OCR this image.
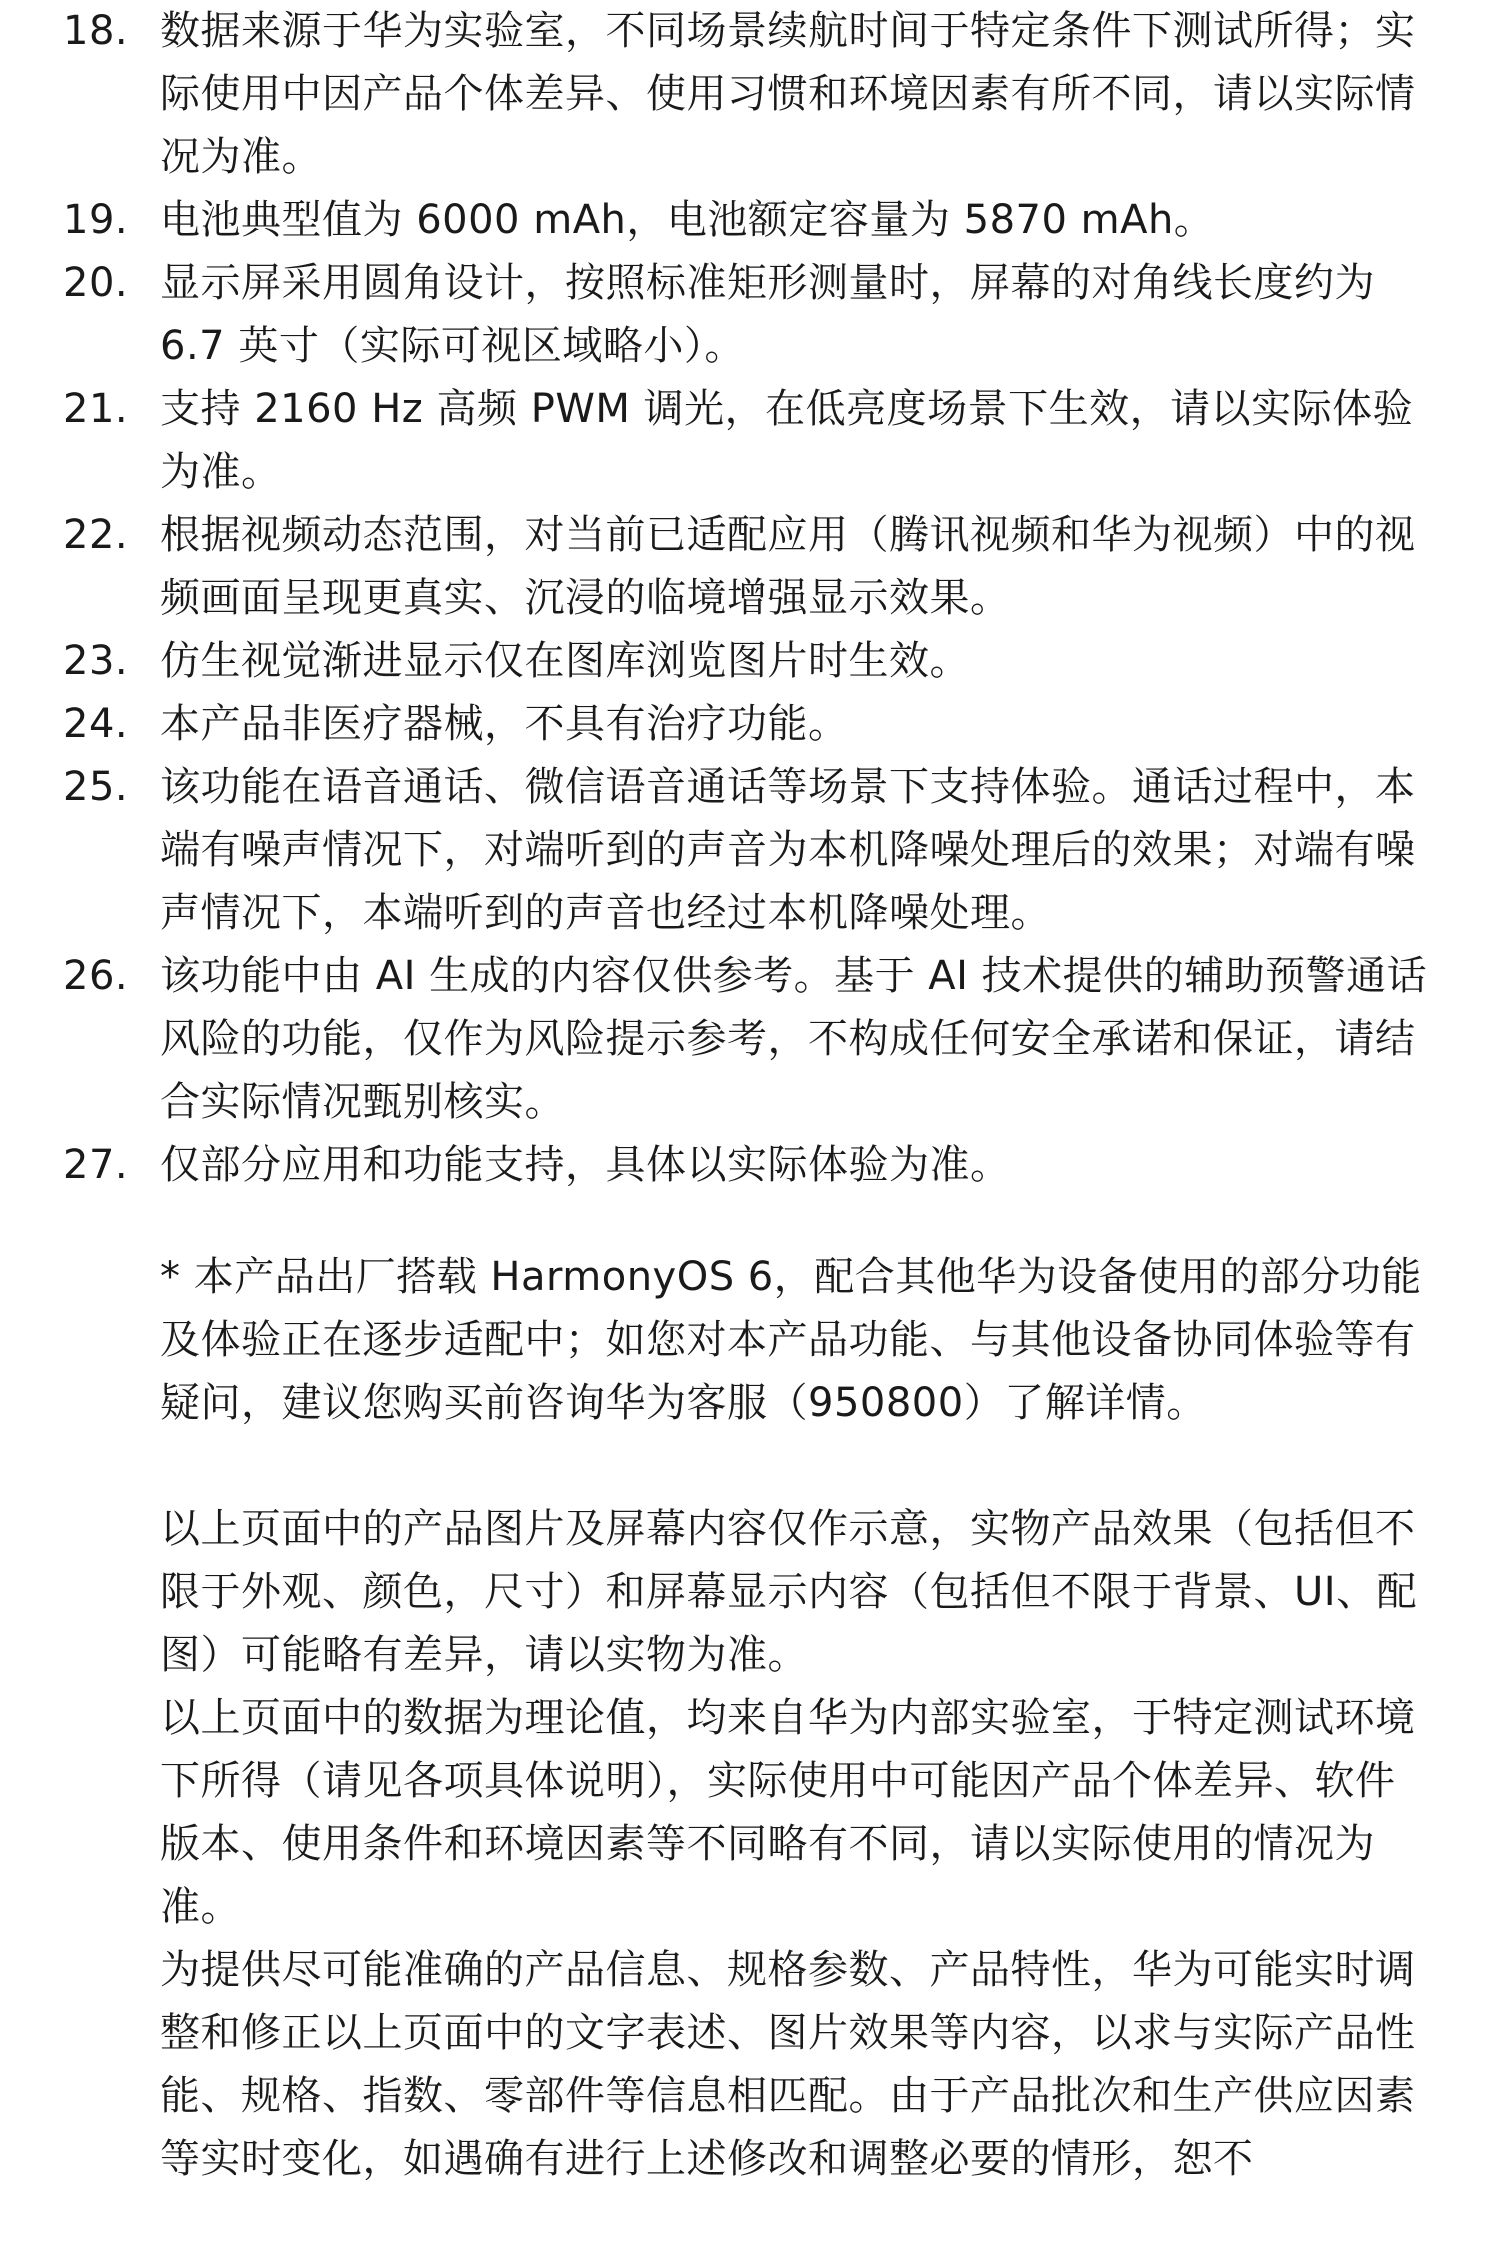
18. 数据来源于华为实验室，不同场景续航时间于特定条件下测试所得；实际使用中因产品个体差异、使用习惯和环境因素有所不同，请以实际情况为准。
19. 电池典型值为 6000 mAh，电池额定容量为 5870 mAh。
20. 显示屏采用圆角设计，按照标准矩形测量时，屏幕的对角线长度约为 6.7 英寸（实际可视区域略小）。
21. 支持 2160 Hz 高频 PWM 调光，在低亮度场景下生效，请以实际体验为准。
22. 根据视频动态范围，对当前已适配应用（腾讯视频和华为视频）中的视频画面呈现更真实、沉浸的临境增强显示效果。
23. 仿生视觉渐进显示仅在图库浏览图片时生效。
24. 本产品非医疗器械，不具有治疗功能。
25. 该功能在语音通话、微信语音通话等场景下支持体验。通话过程中，本端有噪声情况下，对端听到的声音为本机降噪处理后的效果；对端有噪声情况下，本端听到的声音也经过本机降噪处理。
26. 该功能中由 AI 生成的内容仅供参考。基于 AI 技术提供的辅助预警通话风险的功能，仅作为风险提示参考，不构成任何安全承诺和保证，请结合实际情况甄别核实。
27. 仅部分应用和功能支持，具体以实际体验为准。

* 本产品出厂搭载 HarmonyOS 6，配合其他华为设备使用的部分功能及体验正在逐步适配中；如您对本产品功能、与其他设备协同体验等有疑问，建议您购买前咨询华为客服（950800）了解详情。

以上页面中的产品图片及屏幕内容仅作示意，实物产品效果（包括但不限于外观、颜色，尺寸）和屏幕显示内容（包括但不限于背景、UI、配图）可能略有差异，请以实物为准。

以上页面中的数据为理论值，均来自华为内部实验室，于特定测试环境下所得（请见各项具体说明），实际使用中可能因产品个体差异、软件版本、使用条件和环境因素等不同略有不同，请以实际使用的情况为准。

为提供尽可能准确的产品信息、规格参数、产品特性，华为可能实时调整和修正以上页面中的文字表述、图片效果等内容，以求与实际产品性能、规格、指数、零部件等信息相匹配。由于产品批次和生产供应因素等实时变化，如遇确有进行上述修改和调整必要的情形，恕不
